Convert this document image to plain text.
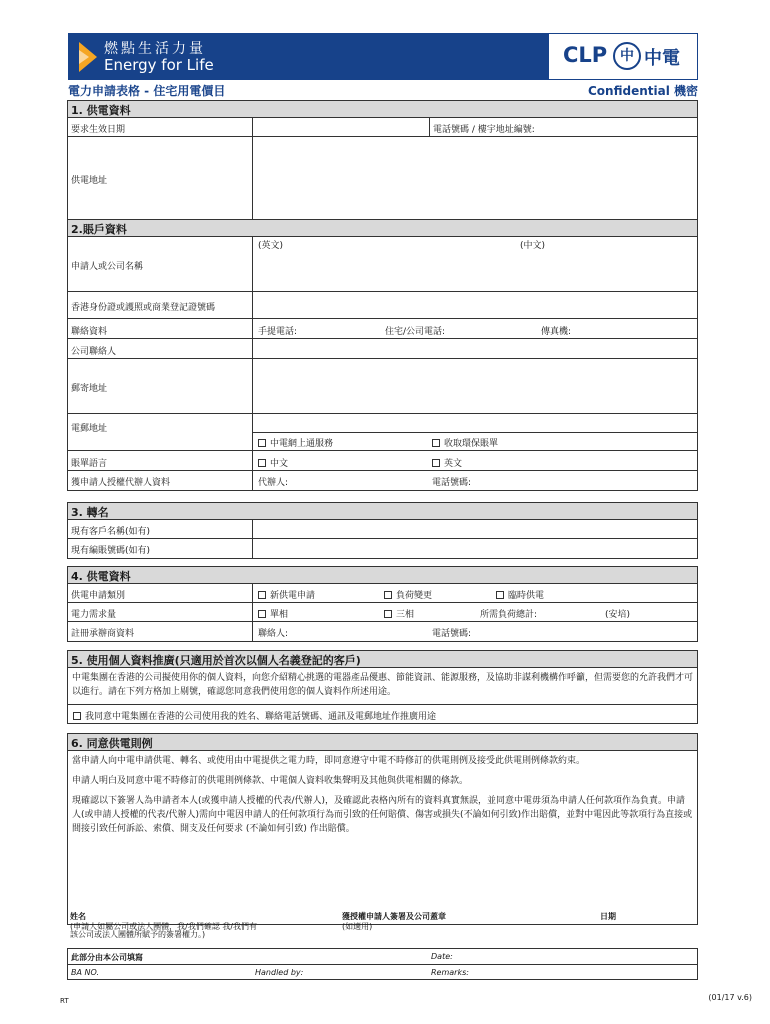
燃點生活力量
Energy for Life	CLP 中 中電
電力申請表格 - 住宅用電價目	Confidential 機密
1. 供電資料
要求生效日期	電話號碼 / 樓宇地址編號:
供電地址
2.賬戶資料
申請人或公司名稱
(英文)	(中文)
香港身份證或護照或商業登記證號碼
聯絡資料	手提電話:	住宅/公司電話:	傳真機:
公司聯絡人
郵寄地址
電郵地址
中電網上通服務	收取環保賬單
賬單語言	中文	英文
獲申請人授權代辦人資料	代辦人:	電話號碼:
3. 轉名
現有客戶名稱(如有)
現有編賬號碼(如有)
4. 供電資料
供電申請類別	新供電申請	負荷變更	臨時供電
電力需求量	單相	三相	所需負荷總計:	(安培)
註冊承辦商資料	聯絡人:	電話號碼:
5. 使用個人資料推廣(只適用於首次以個人名義登記的客戶)
中電集團在香港的公司擬使用你的個人資料，向您介紹精心挑選的電器產品優惠、節能資訊、能源服務，及協助非謀利機構作呼籲，但需要您的允許我們才可以進行。請在下列方格加上剔號，確認您同意我們使用您的個人資料作所述用途。
我同意中電集團在香港的公司使用我的姓名、聯絡電話號碼、通訊及電郵地址作推廣用途
6. 同意供電則例
當申請人向中電申請供電、轉名、或使用由中電提供之電力時，即同意遵守中電不時修訂的供電則例及接受此供電則例條款約束。
申請人明白及同意中電不時修訂的供電則例條款、中電個人資料收集聲明及其他與供電相關的條款。
現確認以下簽署人為申請者本人(或獲申請人授權的代表/代辦人)，及確認此表格內所有的資料真實無誤，並同意中電毋須為申請人任何款項作為負責。申請人(或申請人授權的代表/代辦人)需向中電因申請人的任何款項行為而引致的任何賠償、傷害或損失(不論如何引致)作出賠償，並對中電因此等款項行為直接或間接引致任何訴訟、索償、開支及任何要求 (不論如何引致) 作出賠償。
姓名
(申請人如屬公司或法人團體，我/我們確認 我/我們有該公司或法人團體所賦予的簽署權力。)
獲授權申請人簽署及公司蓋章
(如適用)
日期
此部分由本公司填寫	Date:
BA NO.	Handled by:	Remarks:
RT	(01/17 v.6)
